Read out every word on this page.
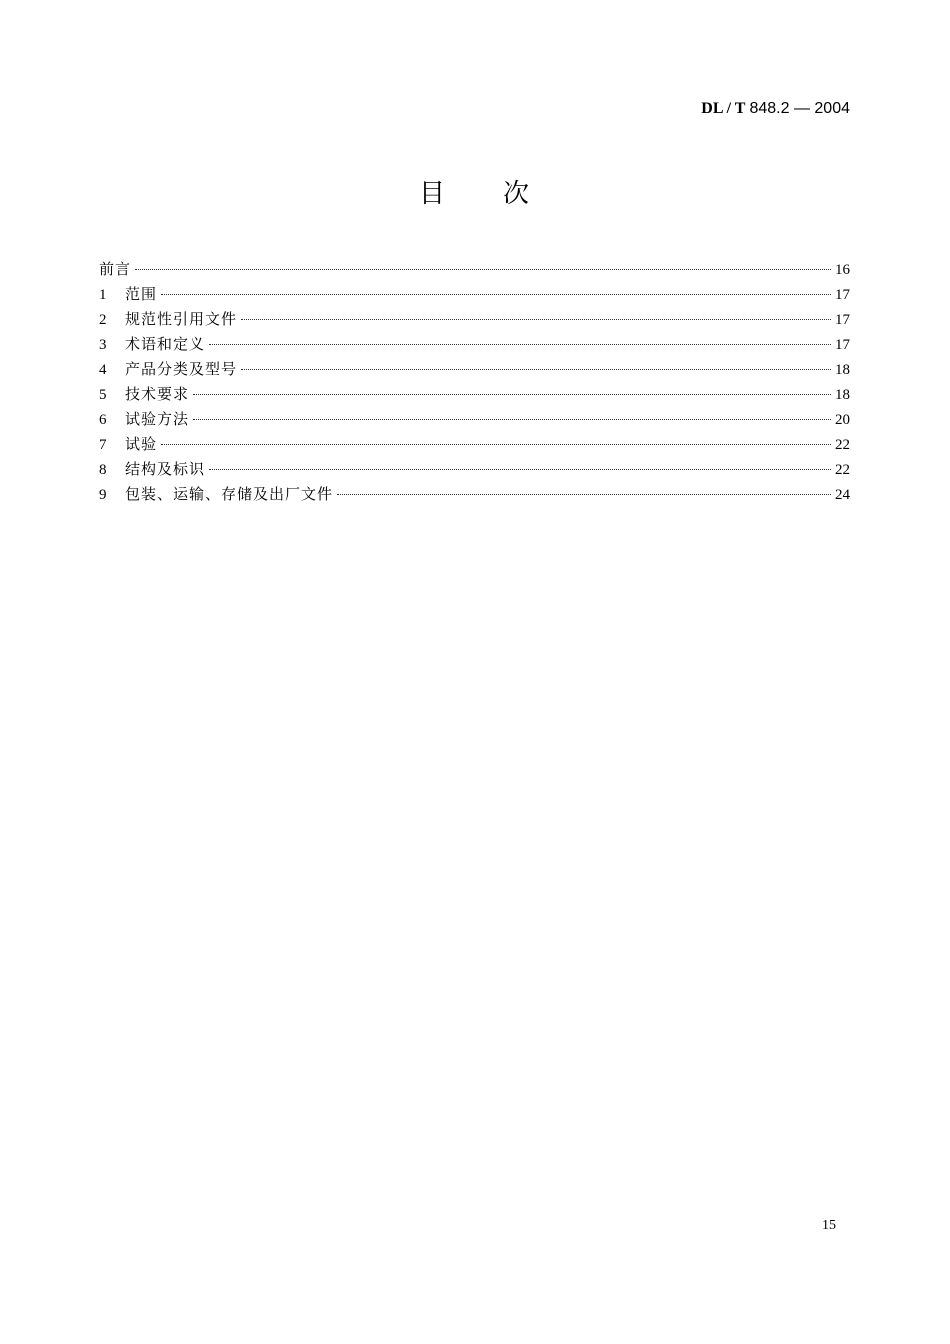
DL / T 848.2 — 2004
目　　次
前言	16
1	范围	17
2	规范性引用文件	17
3	术语和定义	17
4	产品分类及型号	18
5	技术要求	18
6	试验方法	20
7	试验	22
8	结构及标识	22
9	包装、运输、存储及出厂文件	24
15
